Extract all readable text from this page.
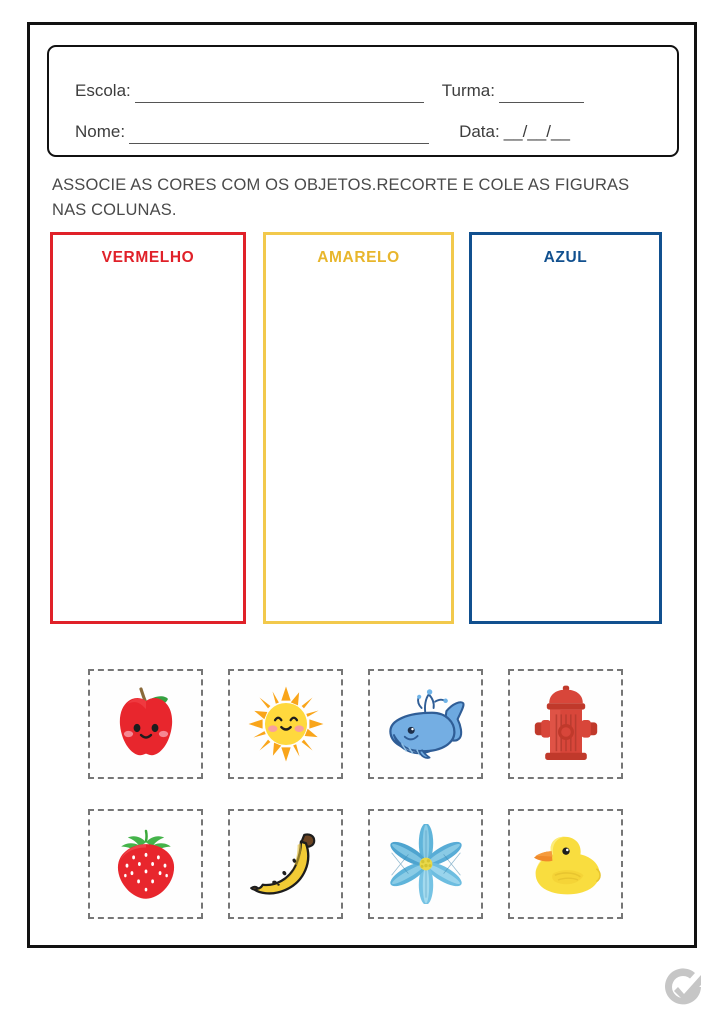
Escola:	Turma:
Nome:	Data: __/__/__
ASSOCIE AS CORES COM OS OBJETOS.RECORTE E COLE AS FIGURAS NAS COLUNAS.
VERMELHO	AMARELO	AZUL
